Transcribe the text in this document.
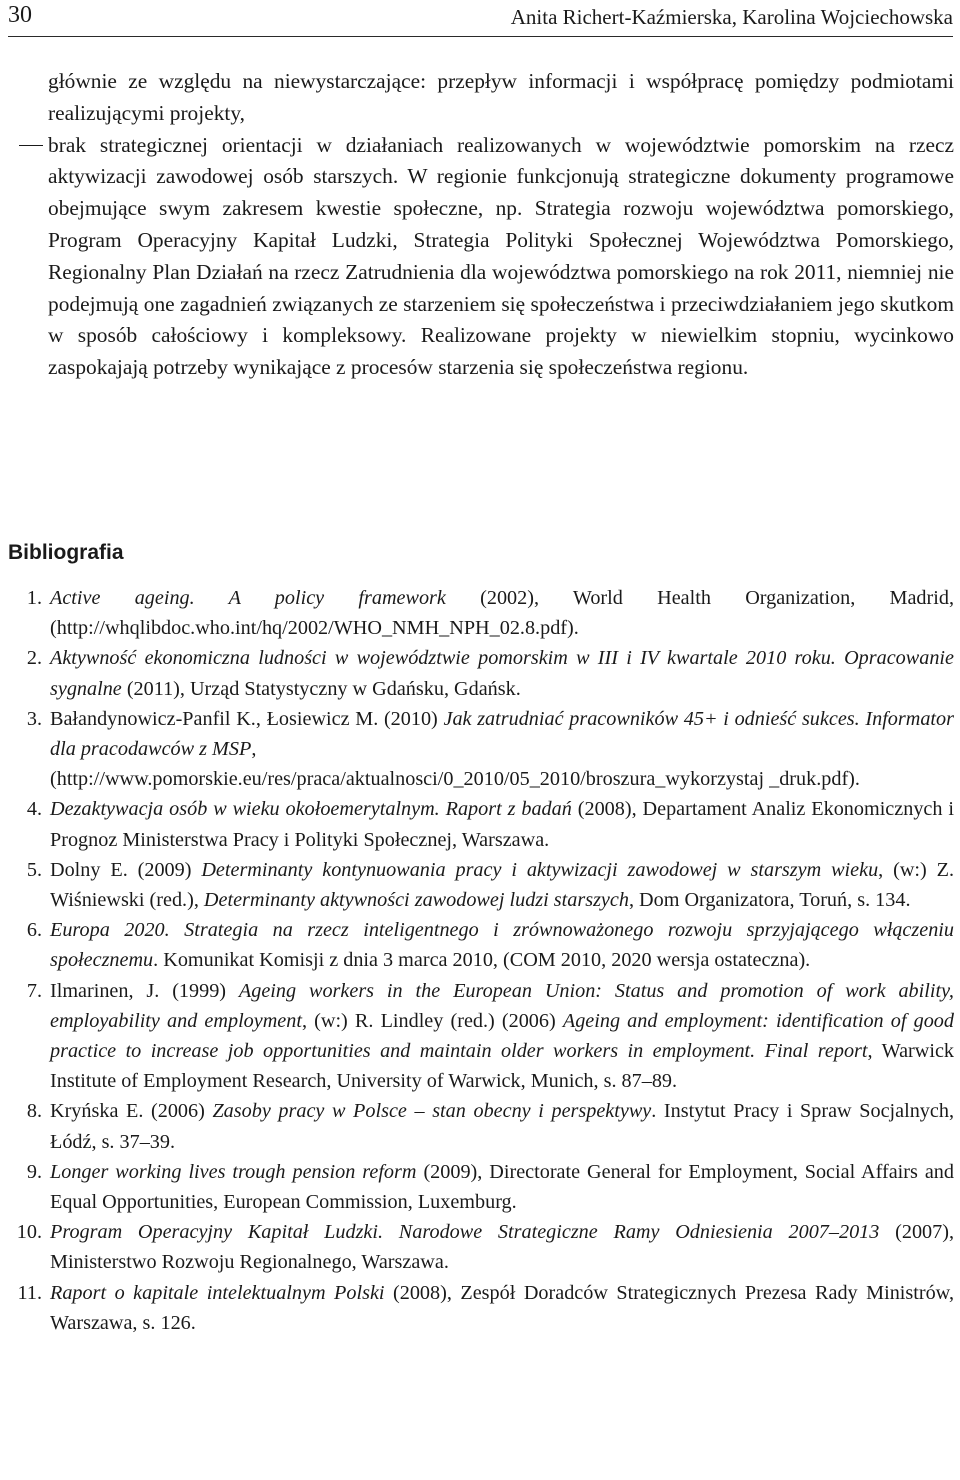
30	Anita Richert-Kaźmierska, Karolina Wojciechowska

głównie ze względu na niewystarczające: przepływ informacji i współpracę pomiędzy podmiotami realizującymi projekty,

brak strategicznej orientacji w działaniach realizowanych w województwie pomorskim na rzecz aktywizacji zawodowej osób starszych. W regionie funkcjonują strategiczne dokumenty programowe obejmujące swym zakresem kwestie społeczne, np. Strategia rozwoju województwa pomorskiego, Program Operacyjny Kapitał Ludzki, Strategia Polityki Społecznej Województwa Pomorskiego, Regionalny Plan Działań na rzecz Zatrudnienia dla województwa pomorskiego na rok 2011, niemniej nie podejmują one zagadnień związanych ze starzeniem się społeczeństwa i przeciwdziałaniem jego skutkom w sposób całościowy i kompleksowy. Realizowane projekty w niewielkim stopniu, wycinkowo zaspokajają potrzeby wynikające z procesów starzenia się społeczeństwa regionu.

Bibliografia
1. Active ageing. A policy framework (2002), World Health Organization, Madrid, (http://whqlibdoc.who.int/hq/2002/WHO_NMH_NPH_02.8.pdf).
2. Aktywność ekonomiczna ludności w województwie pomorskim w III i IV kwartale 2010 roku. Opracowanie sygnalne (2011), Urząd Statystyczny w Gdańsku, Gdańsk.
3. Bałandynowicz-Panfil K., Łosiewicz M. (2010) Jak zatrudniać pracowników 45+ i odnieść sukces. Informator dla pracodawców z MSP,
(http://www.pomorskie.eu/res/praca/aktualnosci/0_2010/05_2010/broszura_wykorzystaj _druk.pdf).
4. Dezaktywacja osób w wieku okołoemerytalnym. Raport z badań (2008), Departament Analiz Ekonomicznych i Prognoz Ministerstwa Pracy i Polityki Społecznej, Warszawa.
5. Dolny E. (2009) Determinanty kontynuowania pracy i aktywizacji zawodowej w starszym wieku, (w:) Z. Wiśniewski (red.), Determinanty aktywności zawodowej ludzi starszych, Dom Organizatora, Toruń, s. 134.
6. Europa 2020. Strategia na rzecz inteligentnego i zrównoważonego rozwoju sprzyjającego włączeniu społecznemu. Komunikat Komisji z dnia 3 marca 2010, (COM 2010, 2020 wersja ostateczna).
7. Ilmarinen, J. (1999) Ageing workers in the European Union: Status and promotion of work ability, employability and employment, (w:) R. Lindley (red.) (2006) Ageing and employment: identification of good practice to increase job opportunities and maintain older workers in employment. Final report, Warwick Institute of Employment Research, University of Warwick, Munich, s. 87–89.
8. Kryńska E. (2006) Zasoby pracy w Polsce – stan obecny i perspektywy. Instytut Pracy i Spraw Socjalnych, Łódź, s. 37–39.
9. Longer working lives trough pension reform (2009), Directorate General for Employment, Social Affairs and Equal Opportunities, European Commission, Luxemburg.
10. Program Operacyjny Kapitał Ludzki. Narodowe Strategiczne Ramy Odniesienia 2007–2013 (2007), Ministerstwo Rozwoju Regionalnego, Warszawa.
11. Raport o kapitale intelektualnym Polski (2008), Zespół Doradców Strategicznych Prezesa Rady Ministrów, Warszawa, s. 126.
